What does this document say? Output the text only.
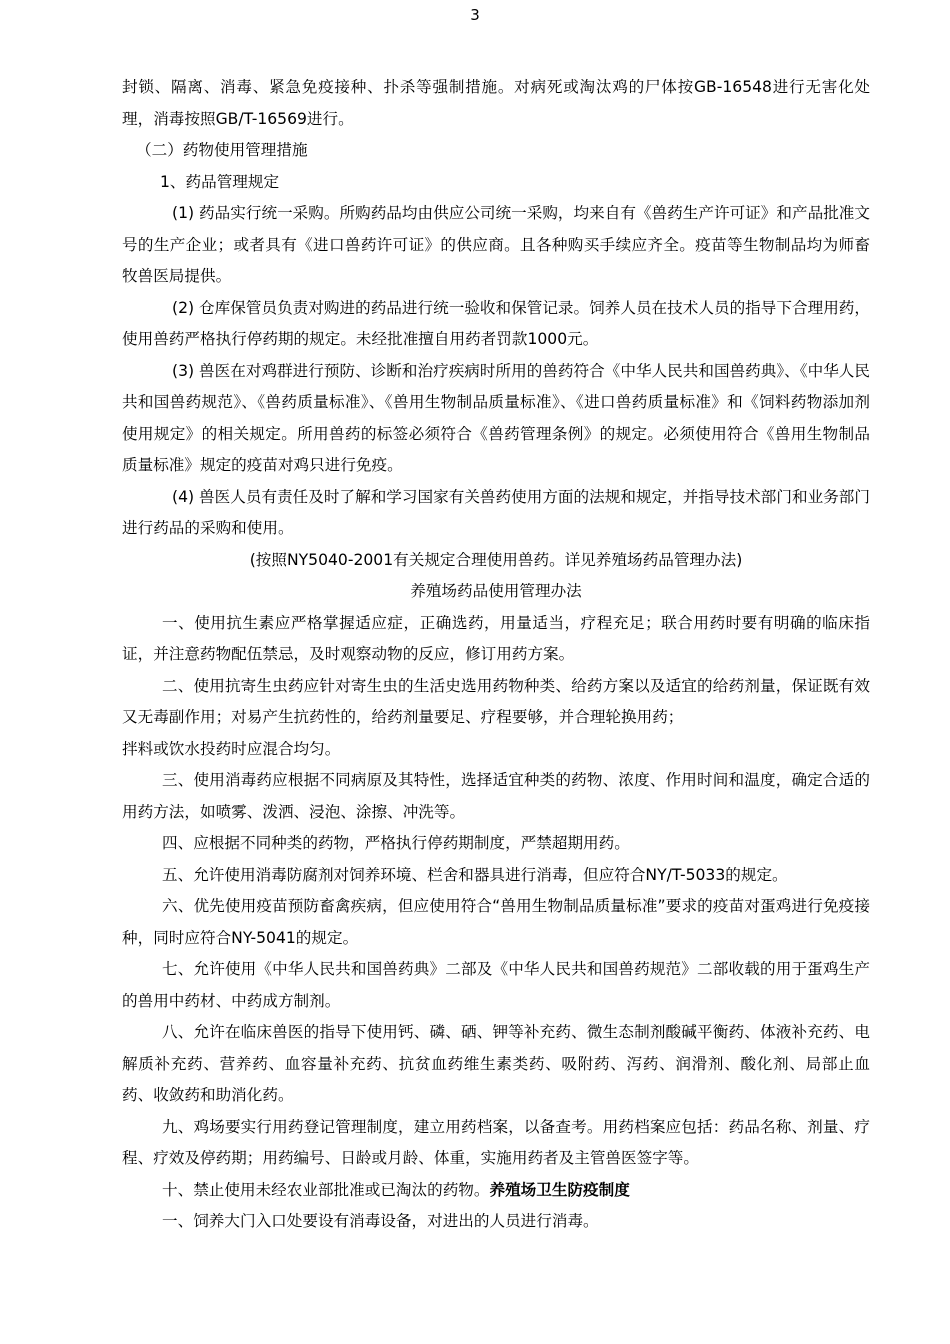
3

封锁、隔离、消毒、紧急免疫接种、扑杀等强制措施。对病死或淘汰鸡的尸体按GB-16548进行无害化处理，消毒按照GB/T-16569进行。

（二）药物使用管理措施

1、药品管理规定

(1) 药品实行统一采购。所购药品均由供应公司统一采购，均来自有《兽药生产许可证》和产品批准文号的生产企业；或者具有《进口兽药许可证》的供应商。且各种购买手续应齐全。疫苗等生物制品均为师畜牧兽医局提供。

(2) 仓库保管员负责对购进的药品进行统一验收和保管记录。饲养人员在技术人员的指导下合理用药，使用兽药严格执行停药期的规定。未经批准擅自用药者罚款1000元。

(3) 兽医在对鸡群进行预防、诊断和治疗疾病时所用的兽药符合《中华人民共和国兽药典》、《中华人民共和国兽药规范》、《兽药质量标准》、《兽用生物制品质量标准》、《进口兽药质量标准》和《饲料药物添加剂使用规定》的相关规定。所用兽药的标签必须符合《兽药管理条例》的规定。必须使用符合《兽用生物制品质量标准》规定的疫苗对鸡只进行免疫。

(4) 兽医人员有责任及时了解和学习国家有关兽药使用方面的法规和规定，并指导技术部门和业务部门进行药品的采购和使用。

(按照NY5040-2001有关规定合理使用兽药。详见养殖场药品管理办法)

养殖场药品使用管理办法

一、使用抗生素应严格掌握适应症，正确选药，用量适当，疗程充足；联合用药时要有明确的临床指证，并注意药物配伍禁忌，及时观察动物的反应，修订用药方案。

二、使用抗寄生虫药应针对寄生虫的生活史选用药物种类、给药方案以及适宜的给药剂量，保证既有效又无毒副作用；对易产生抗药性的，给药剂量要足、疗程要够，并合理轮换用药；

拌料或饮水投药时应混合均匀。

三、使用消毒药应根据不同病原及其特性，选择适宜种类的药物、浓度、作用时间和温度，确定合适的用药方法，如喷雾、泼洒、浸泡、涂擦、冲洗等。

四、应根据不同种类的药物，严格执行停药期制度，严禁超期用药。

五、允许使用消毒防腐剂对饲养环境、栏舍和器具进行消毒，但应符合NY/T-5033的规定。

六、优先使用疫苗预防畜禽疾病，但应使用符合“兽用生物制品质量标准”要求的疫苗对蛋鸡进行免疫接种，同时应符合NY-5041的规定。

七、允许使用《中华人民共和国兽药典》二部及《中华人民共和国兽药规范》二部收载的用于蛋鸡生产的兽用中药材、中药成方制剂。

八、允许在临床兽医的指导下使用钙、磷、硒、钾等补充药、微生态制剂酸碱平衡药、体液补充药、电解质补充药、营养药、血容量补充药、抗贫血药维生素类药、吸附药、泻药、润滑剂、酸化剂、局部止血药、收敛药和助消化药。

九、鸡场要实行用药登记管理制度，建立用药档案，以备查考。用药档案应包括：药品名称、剂量、疗程、疗效及停药期；用药编号、日龄或月龄、体重，实施用药者及主管兽医签字等。

十、禁止使用未经农业部批准或已淘汰的药物。养殖场卫生防疫制度

一、饲养大门入口处要设有消毒设备，对进出的人员进行消毒。
